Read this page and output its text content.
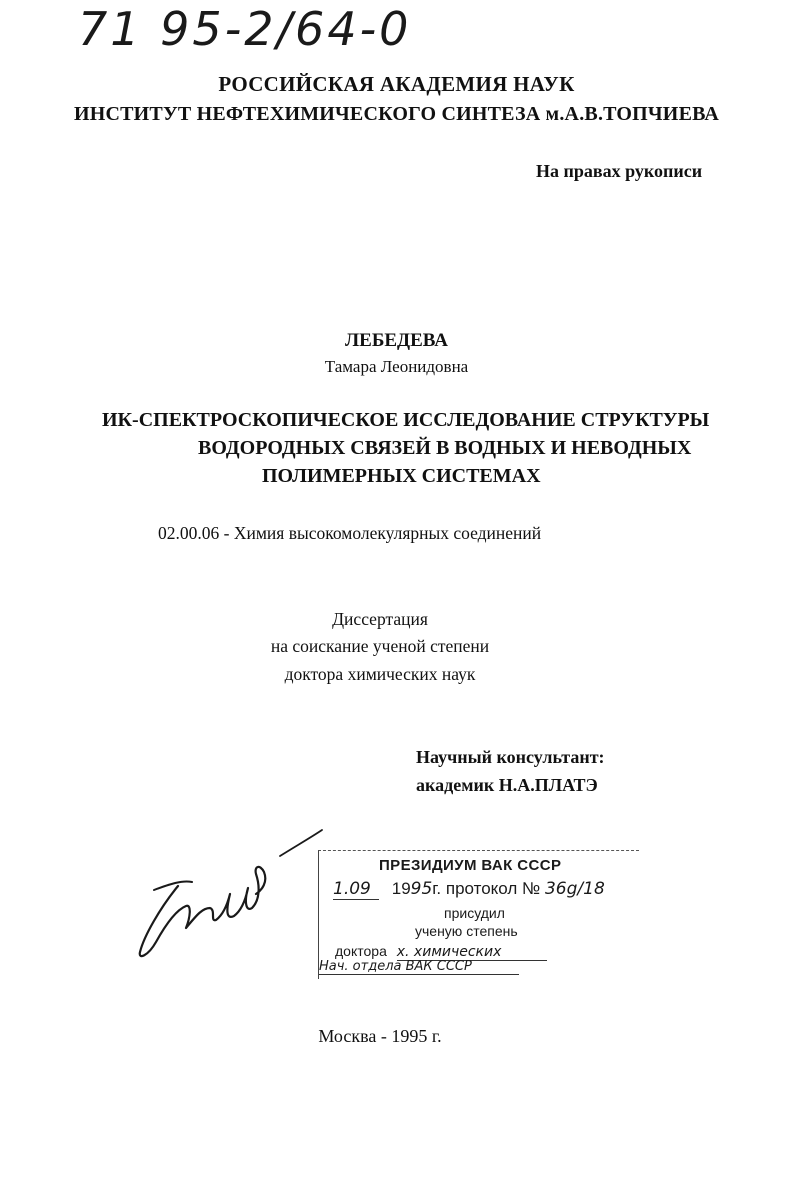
71 95-2/64-0
РОССИЙСКАЯ АКАДЕМИЯ НАУК
ИНСТИТУТ НЕФТЕХИМИЧЕСКОГО СИНТЕЗА м.А.В.ТОПЧИЕВА
На правах рукописи
ЛЕБЕДЕВА
Тамара Леонидовна
ИК-СПЕКТРОСКОПИЧЕСКОЕ ИССЛЕДОВАНИЕ СТРУКТУРЫ
ВОДОРОДНЫХ СВЯЗЕЙ В ВОДНЫХ И НЕВОДНЫХ
ПОЛИМЕРНЫХ СИСТЕМАХ
02.00.06 - Химия высокомолекулярных соединений
Диссертация
на соискание ученой степени
доктора химических наук
Научный консультант:
академик Н.А.ПЛАТЭ
ПРЕЗИДИУМ ВАК СССР
1.09 1995г. протокол № 36g/18
присудил
ученую степень
доктора х. химических
Нач. отдела ВАК СССР
Москва - 1995 г.
